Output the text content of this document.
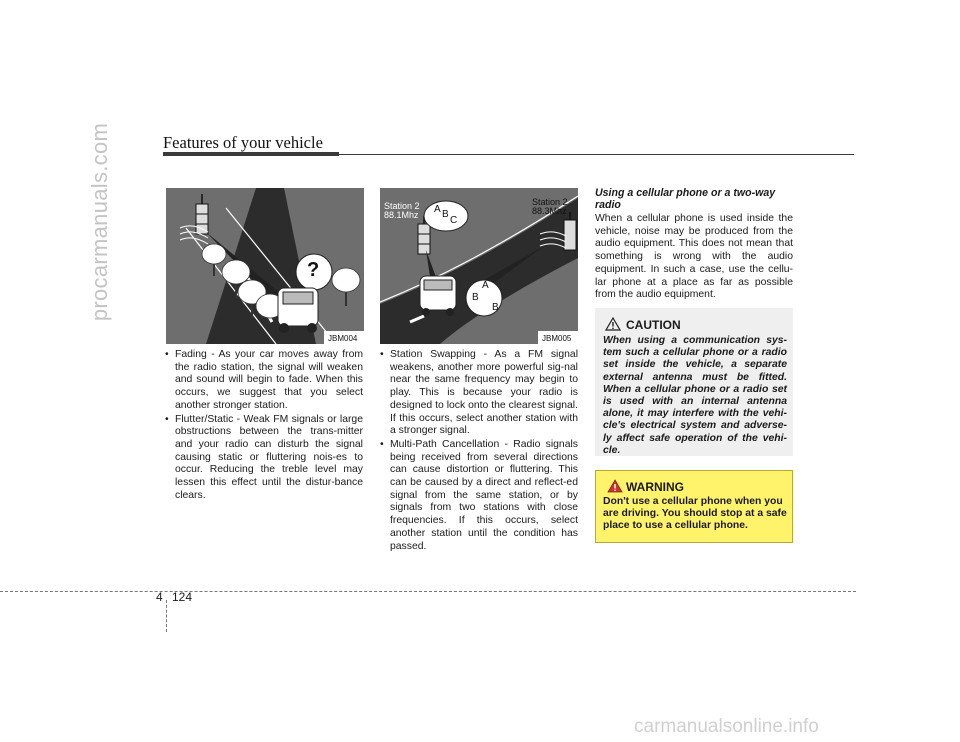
procarmanuals.com	Features of your vehicle
?
JBM004
Station 2
88.1Mhz
Station 2
88.3Mhz
A B
C
A
B
B
JBM005
• Fading - As your car moves away from the radio station, the signal will weaken and sound will begin to fade. When this occurs, we suggest that you select another stronger station.
• Flutter/Static - Weak FM signals or large obstructions between the trans-mitter and your radio can disturb the signal causing static or fluttering nois-es to occur. Reducing the treble level may lessen this effect until the distur-bance clears.
• Station Swapping - As a FM signal weakens, another more powerful sig-nal near the same frequency may begin to play. This is because your radio is designed to lock onto the clearest signal. If this occurs, select another station with a stronger signal.
• Multi-Path Cancellation - Radio signals being received from several directions can cause distortion or fluttering. This can be caused by a direct and reflect-ed signal from the same station, or by signals from two stations with close frequencies. If this occurs, select another station until the condition has passed.
Using a cellular phone or a two-way radio
When a cellular phone is used inside the vehicle, noise may be produced from the audio equipment. This does not mean that something is wrong with the audio equipment. In such a case, use the cellu-lar phone at a place as far as possible from the audio equipment.
CAUTION
When using a communication sys-tem such a cellular phone or a radio set inside the vehicle, a separate external antenna must be fitted. When a cellular phone or a radio set is used with an internal antenna alone, it may interfere with the vehi-cle's electrical system and adverse-ly affect safe operation of the vehi-cle.
WARNING
Don't use a cellular phone when you are driving. You should stop at a safe place to use a cellular phone.
4 124
carmanualsonline.info
